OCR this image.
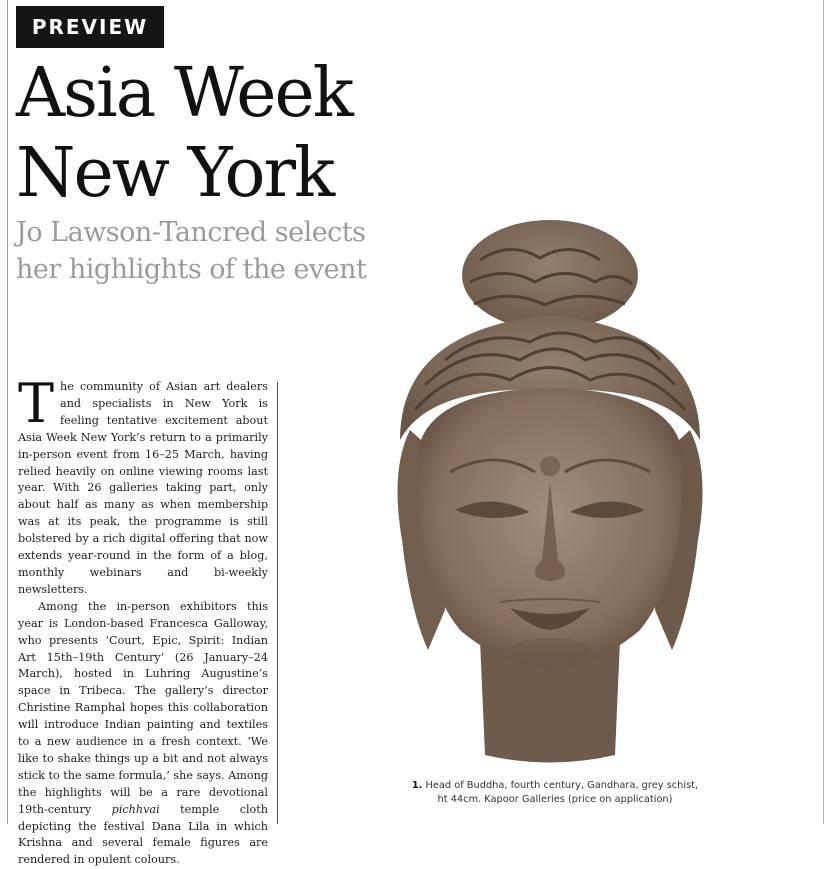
PREVIEW
Asia Week
New York

Jo Lawson-Tancred selects
her highlights of the event

The community of Asian art dealers and specialists in New York is feeling tentative excitement about Asia Week New York’s return to a primarily in-person event from 16–25 March, having relied heavily on online viewing rooms last year. With 26 galleries taking part, only about half as many as when membership was at its peak, the programme is still bolstered by a rich digital offering that now extends year-round in the form of a blog, monthly webinars and bi-weekly newsletters.

Among the in-person exhibitors this year is London-based Francesca Galloway, who presents ‘Court, Epic, Spirit: Indian Art 15th–19th Century’ (26 January–24 March), hosted in Luhring Augustine’s space in Tribeca. The gallery’s director Christine Ramphal hopes this collaboration will introduce Indian painting and textiles to a new audience in a fresh context. ‘We like to shake things up a bit and not always stick to the same formula,’ she says. Among the highlights will be a rare devotional 19th-century pichhvai temple cloth depicting the festival Dana Lila in which Krishna and several female figures are rendered in opulent colours.

1. Head of Buddha, fourth century, Gandhara, grey schist, ht 44cm. Kapoor Galleries (price on application)
